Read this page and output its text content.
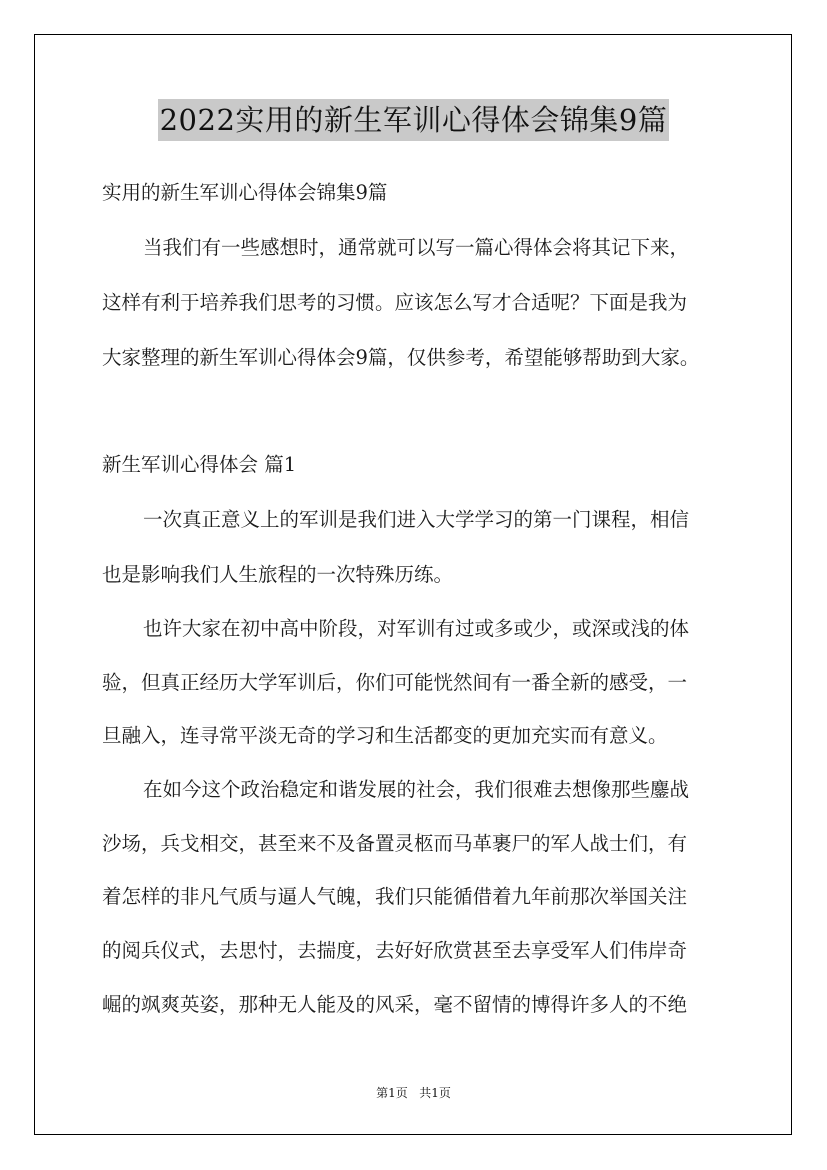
2022实用的新生军训心得体会锦集9篇
实用的新生军训心得体会锦集9篇
当我们有一些感想时，通常就可以写一篇心得体会将其记下来，
这样有利于培养我们思考的习惯。应该怎么写才合适呢？下面是我为
大家整理的新生军训心得体会9篇，仅供参考，希望能够帮助到大家。
新生军训心得体会 篇1
一次真正意义上的军训是我们进入大学学习的第一门课程，相信
也是影响我们人生旅程的一次特殊历练。
也许大家在初中高中阶段，对军训有过或多或少，或深或浅的体
验，但真正经历大学军训后，你们可能恍然间有一番全新的感受，一
旦融入，连寻常平淡无奇的学习和生活都变的更加充实而有意义。
在如今这个政治稳定和谐发展的社会，我们很难去想像那些鏖战
沙场，兵戈相交，甚至来不及备置灵柩而马革裹尸的军人战士们，有
着怎样的非凡气质与逼人气魄，我们只能循借着九年前那次举国关注
的阅兵仪式，去思忖，去揣度，去好好欣赏甚至去享受军人们伟岸奇
崛的飒爽英姿，那种无人能及的风采，毫不留情的博得许多人的不绝
第1页 共1页
